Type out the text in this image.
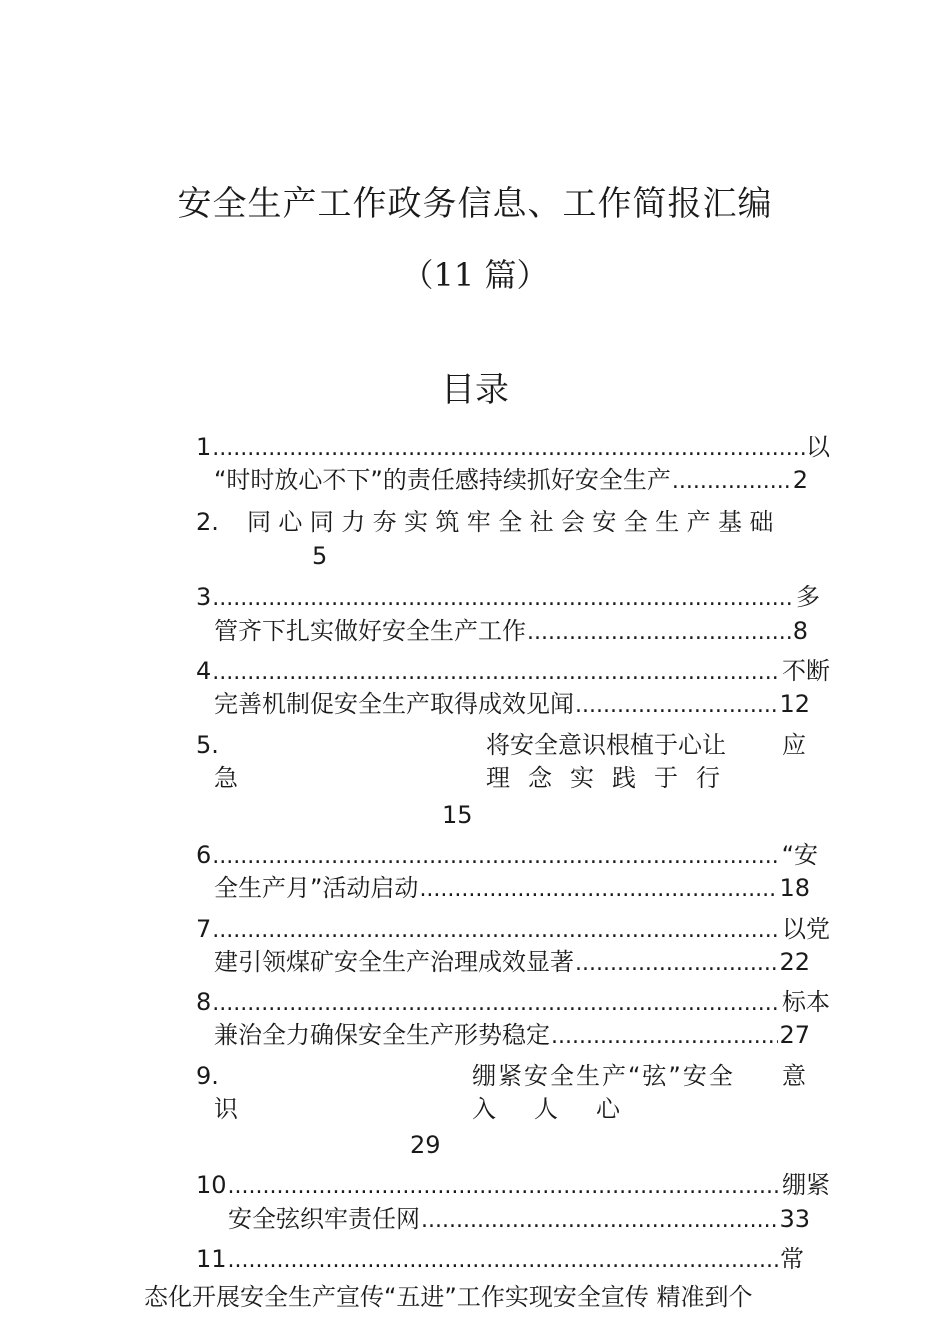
安全生产工作政务信息、工作简报汇编
（11 篇）
目录
1 .....	以
“时时放心不下”的责任感持续抓好安全生产 .....	2
2. 同心同力夯实筑牢全社会安全生产基础
5
3 .....	多
管齐下扎实做好安全生产工作 .....	8
4 .....	不断
完善机制促安全生产取得成效见闻 .....	12
5.	将安全意识根植于心让 应
急	理念实践于行
15
6 .....	“安
全生产月”活动启动 .....	18
7 .....	以党
建引领煤矿安全生产治理成效显著 .....	22
8 .....	标本
兼治全力确保安全生产形势稳定 .....	27
9.	绷紧安全生产“弦”安全 意
识	入人心
29
10 .....	绷紧
安全弦织牢责任网 .....	33
11 .....	常
态化开展安全生产宣传“五进”工作实现安全宣传 精准到个
